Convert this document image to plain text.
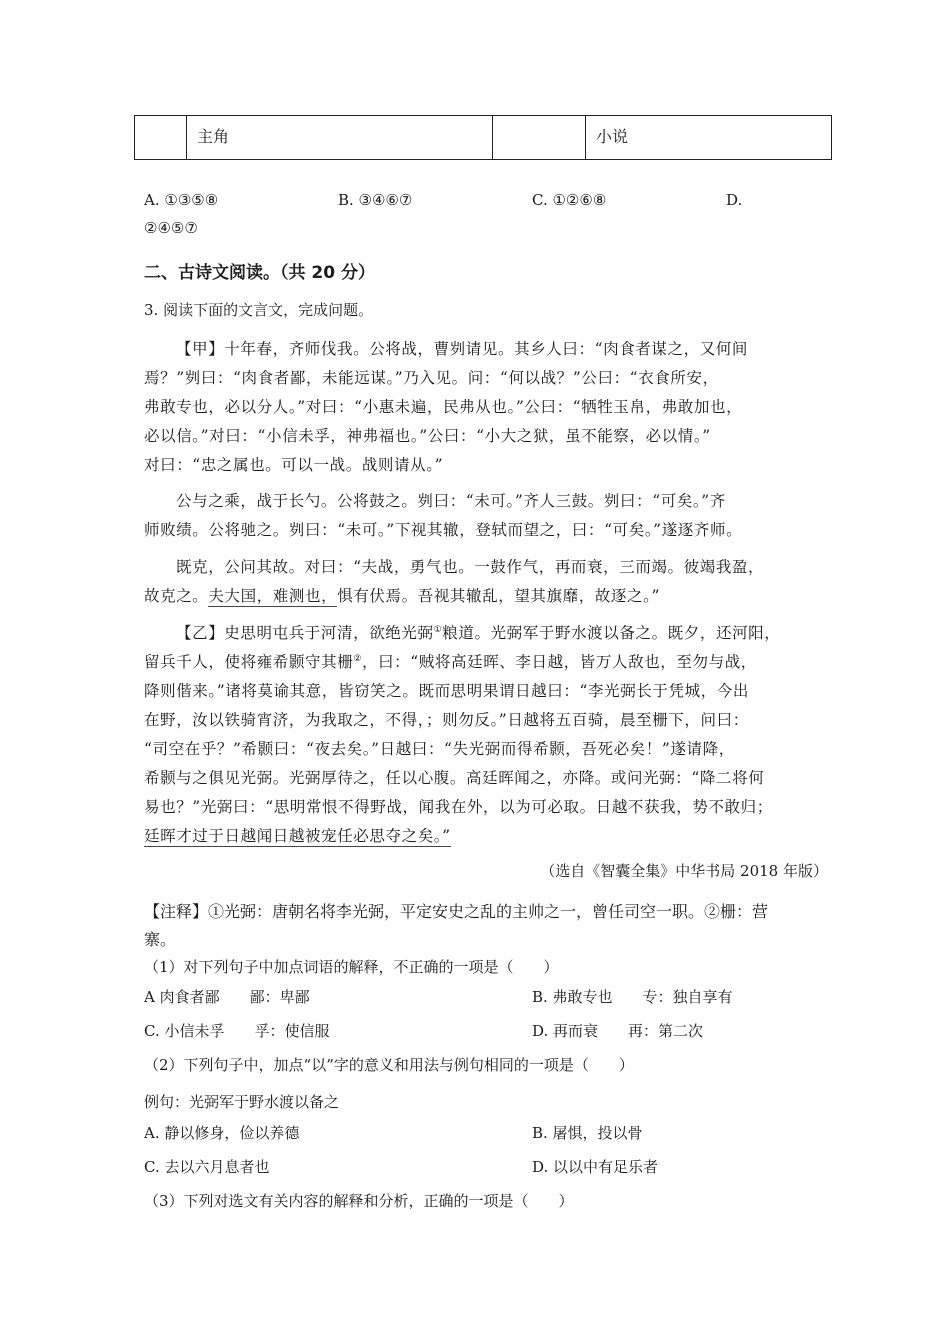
	主角		小说
A. ①③⑤⑧	B. ③④⑥⑦	C. ①②⑥⑧	D.
②④⑤⑦
二、古诗文阅读。（共 20 分）
3. 阅读下面的文言文，完成问题。
【甲】十年春，齐师伐我。公将战，曹刿请见。其乡人曰：“肉食者谋之，又何间
焉？”刿曰：“肉食者鄙，未能远谋。”乃入见。问：“何以战？”公曰：“衣食所安，
弗敢专也，必以分人。”对曰：“小惠未遍，民弗从也。”公曰：“牺牲玉帛，弗敢加也，
必以信。”对曰：“小信未孚，神弗福也。”公曰：“小大之狱，虽不能察，必以情。”
对曰：“忠之属也。可以一战。战则请从。”
公与之乘，战于长勺。公将鼓之。刿曰：“未可。”齐人三鼓。刿曰：“可矣。”齐
师败绩。公将驰之。刿曰：“未可。”下视其辙，登轼而望之，曰：“可矣。”遂逐齐师。
既克，公问其故。对曰：“夫战，勇气也。一鼓作气，再而衰，三而竭。彼竭我盈，
故克之。夫大国，难测也，惧有伏焉。吾视其辙乱，望其旗靡，故逐之。”
【乙】史思明屯兵于河清，欲绝光弼①粮道。光弼军于野水渡以备之。既夕，还河阳，
留兵千人，使将雍希颢守其栅②，曰：“贼将高廷晖、李日越，皆万人敌也，至勿与战，
降则偕来。”诸将莫谕其意，皆窃笑之。既而思明果谓日越曰：“李光弼长于凭城，今出
在野，汝以铁骑宵济，为我取之，不得，；则勿反。”日越将五百骑，晨至栅下，问曰：
“司空在乎？”希颢曰：“夜去矣。”日越曰：“失光弼而得希颢，吾死必矣！”遂请降，
希颢与之俱见光弼。光弼厚待之，任以心腹。高廷晖闻之，亦降。或问光弼：“降二将何
易也？”光弼曰：“思明常恨不得野战，闻我在外，以为可必取。日越不获我，势不敢归；
廷晖才过于日越闻日越被宠任必思夺之矣。”
（选自《智囊全集》中华书局 2018 年版）
【注释】①光弼：唐朝名将李光弼，平定安史之乱的主帅之一，曾任司空一职。②栅：营
寨。
（1）对下列句子中加点词语的解释，不正确的一项是（　　）
A 肉食者鄙　　鄙：卑鄙	B. 弗敢专也　　专：独自享有
C. 小信未孚　　孚：使信服	D. 再而衰　　再：第二次
（2）下列句子中，加点“以”字的意义和用法与例句相同的一项是（　　）
例句：光弼军于野水渡以备之
A. 静以修身，俭以养德	B. 屠惧，投以骨
C. 去以六月息者也	D. 以以中有足乐者
（3）下列对选文有关内容的解释和分析，正确的一项是（　　）
